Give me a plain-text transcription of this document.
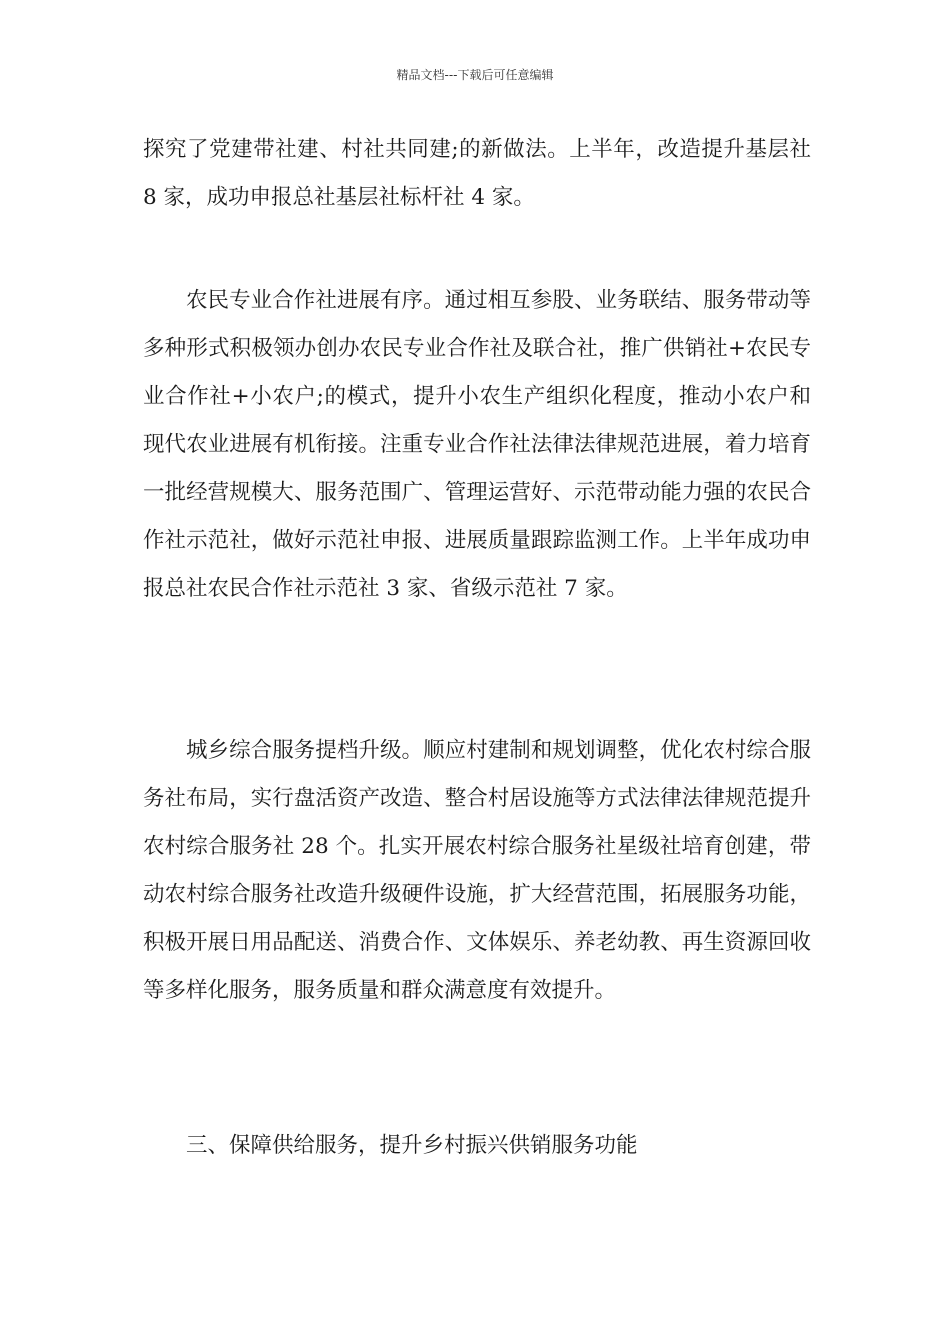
精品文档---下载后可任意编辑

探究了党建带社建、村社共同建;的新做法。上半年，改造提升基层社 8 家，成功申报总社基层社标杆社 4 家。

农民专业合作社进展有序。通过相互参股、业务联结、服务带动等多种形式积极领办创办农民专业合作社及联合社，推广供销社+农民专业合作社+小农户;的模式，提升小农生产组织化程度，推动小农户和现代农业进展有机衔接。注重专业合作社法律法律规范进展，着力培育一批经营规模大、服务范围广、管理运营好、示范带动能力强的农民合作社示范社，做好示范社申报、进展质量跟踪监测工作。上半年成功申报总社农民合作社示范社 3 家、省级示范社 7 家。

城乡综合服务提档升级。顺应村建制和规划调整，优化农村综合服务社布局，实行盘活资产改造、整合村居设施等方式法律法律规范提升农村综合服务社 28 个。扎实开展农村综合服务社星级社培育创建，带动农村综合服务社改造升级硬件设施，扩大经营范围，拓展服务功能，积极开展日用品配送、消费合作、文体娱乐、养老幼教、再生资源回收等多样化服务，服务质量和群众满意度有效提升。

三、保障供给服务，提升乡村振兴供销服务功能
